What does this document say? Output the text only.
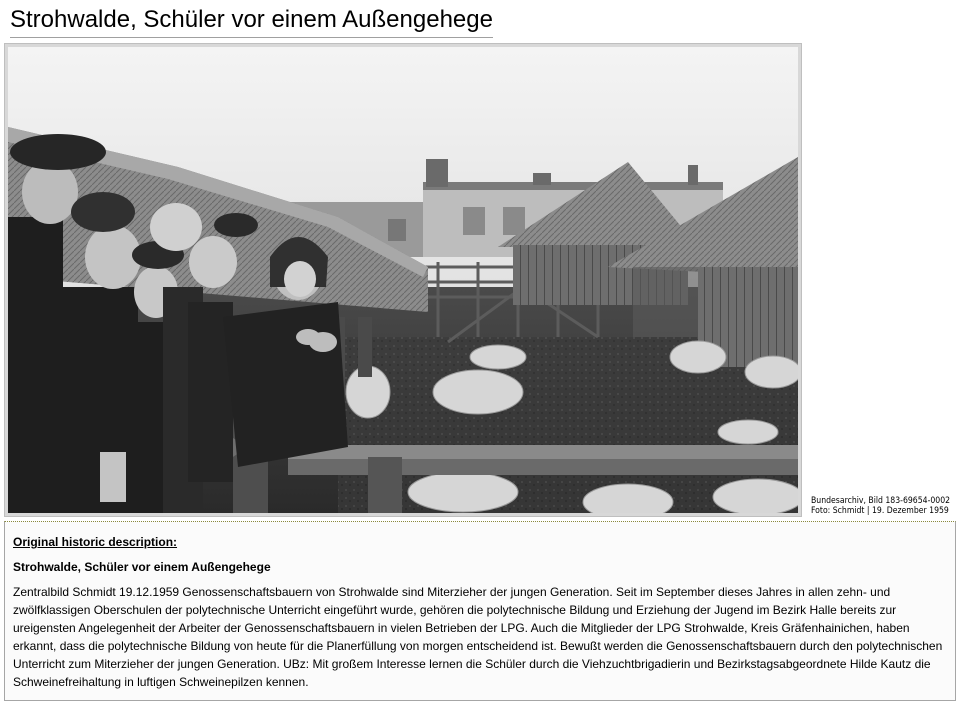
Strohwalde, Schüler vor einem Außengehege
Bundesarchiv, Bild 183-69654-0002
Foto: Schmidt | 19. Dezember 1959
Original historic description:
Strohwalde, Schüler vor einem Außengehege
Zentralbild Schmidt 19.12.1959 Genossenschaftsbauern von Strohwalde sind Miterzieher der jungen Generation. Seit im September dieses Jahres in allen zehn- und zwölfklassigen Oberschulen der polytechnische Unterricht eingeführt wurde, gehören die polytechnische Bildung und Erziehung der Jugend im Bezirk Halle bereits zur ureigensten Angelegenheit der Arbeiter der Genossenschaftsbauern in vielen Betrieben der LPG. Auch die Mitglieder der LPG Strohwalde, Kreis Gräfenhainichen, haben erkannt, dass die polytechnische Bildung von heute für die Planerfüllung von morgen entscheidend ist. Bewußt werden die Genossenschaftsbauern durch den polytechnischen Unterricht zum Miterzieher der jungen Generation. UBz: Mit großem Interesse lernen die Schüler durch die Viehzuchtbrigadierin und Bezirkstagsabgeordnete Hilde Kautz die Schweinefreihaltung in luftigen Schweinepilzen kennen.
